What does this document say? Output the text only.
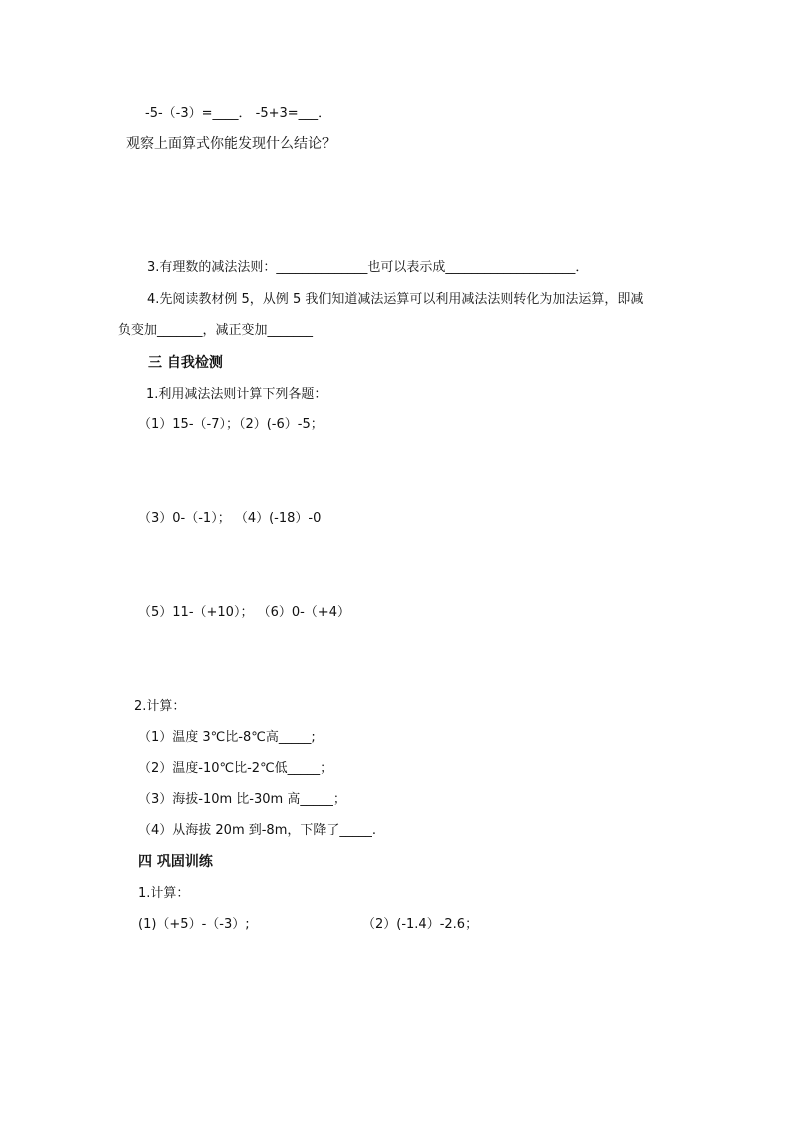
-5-（-3）=____． -5+3=___．
观察上面算式你能发现什么结论？
3.有理数的减法法则：______________也可以表示成____________________．
4.先阅读教材例 5，从例 5 我们知道减法运算可以利用减法法则转化为加法运算，即减
负变加_______，减正变加_______
三 自我检测
1.利用减法法则计算下列各题：
（1）15-（-7）；（2）(-6）-5；
（3）0-（-1）； （4）(-18）-0
（5）11-（+10）； （6）0-（+4）
2.计算：
（1）温度 3℃比-8℃高_____;
（2）温度-10℃比-2℃低_____；
（3）海拔-10m 比-30m 高_____；
（4）从海拔 20m 到-8m，下降了_____.
四 巩固训练
1.计算：
(1)（+5）-（-3）;	（2）(-1.4）-2.6；
